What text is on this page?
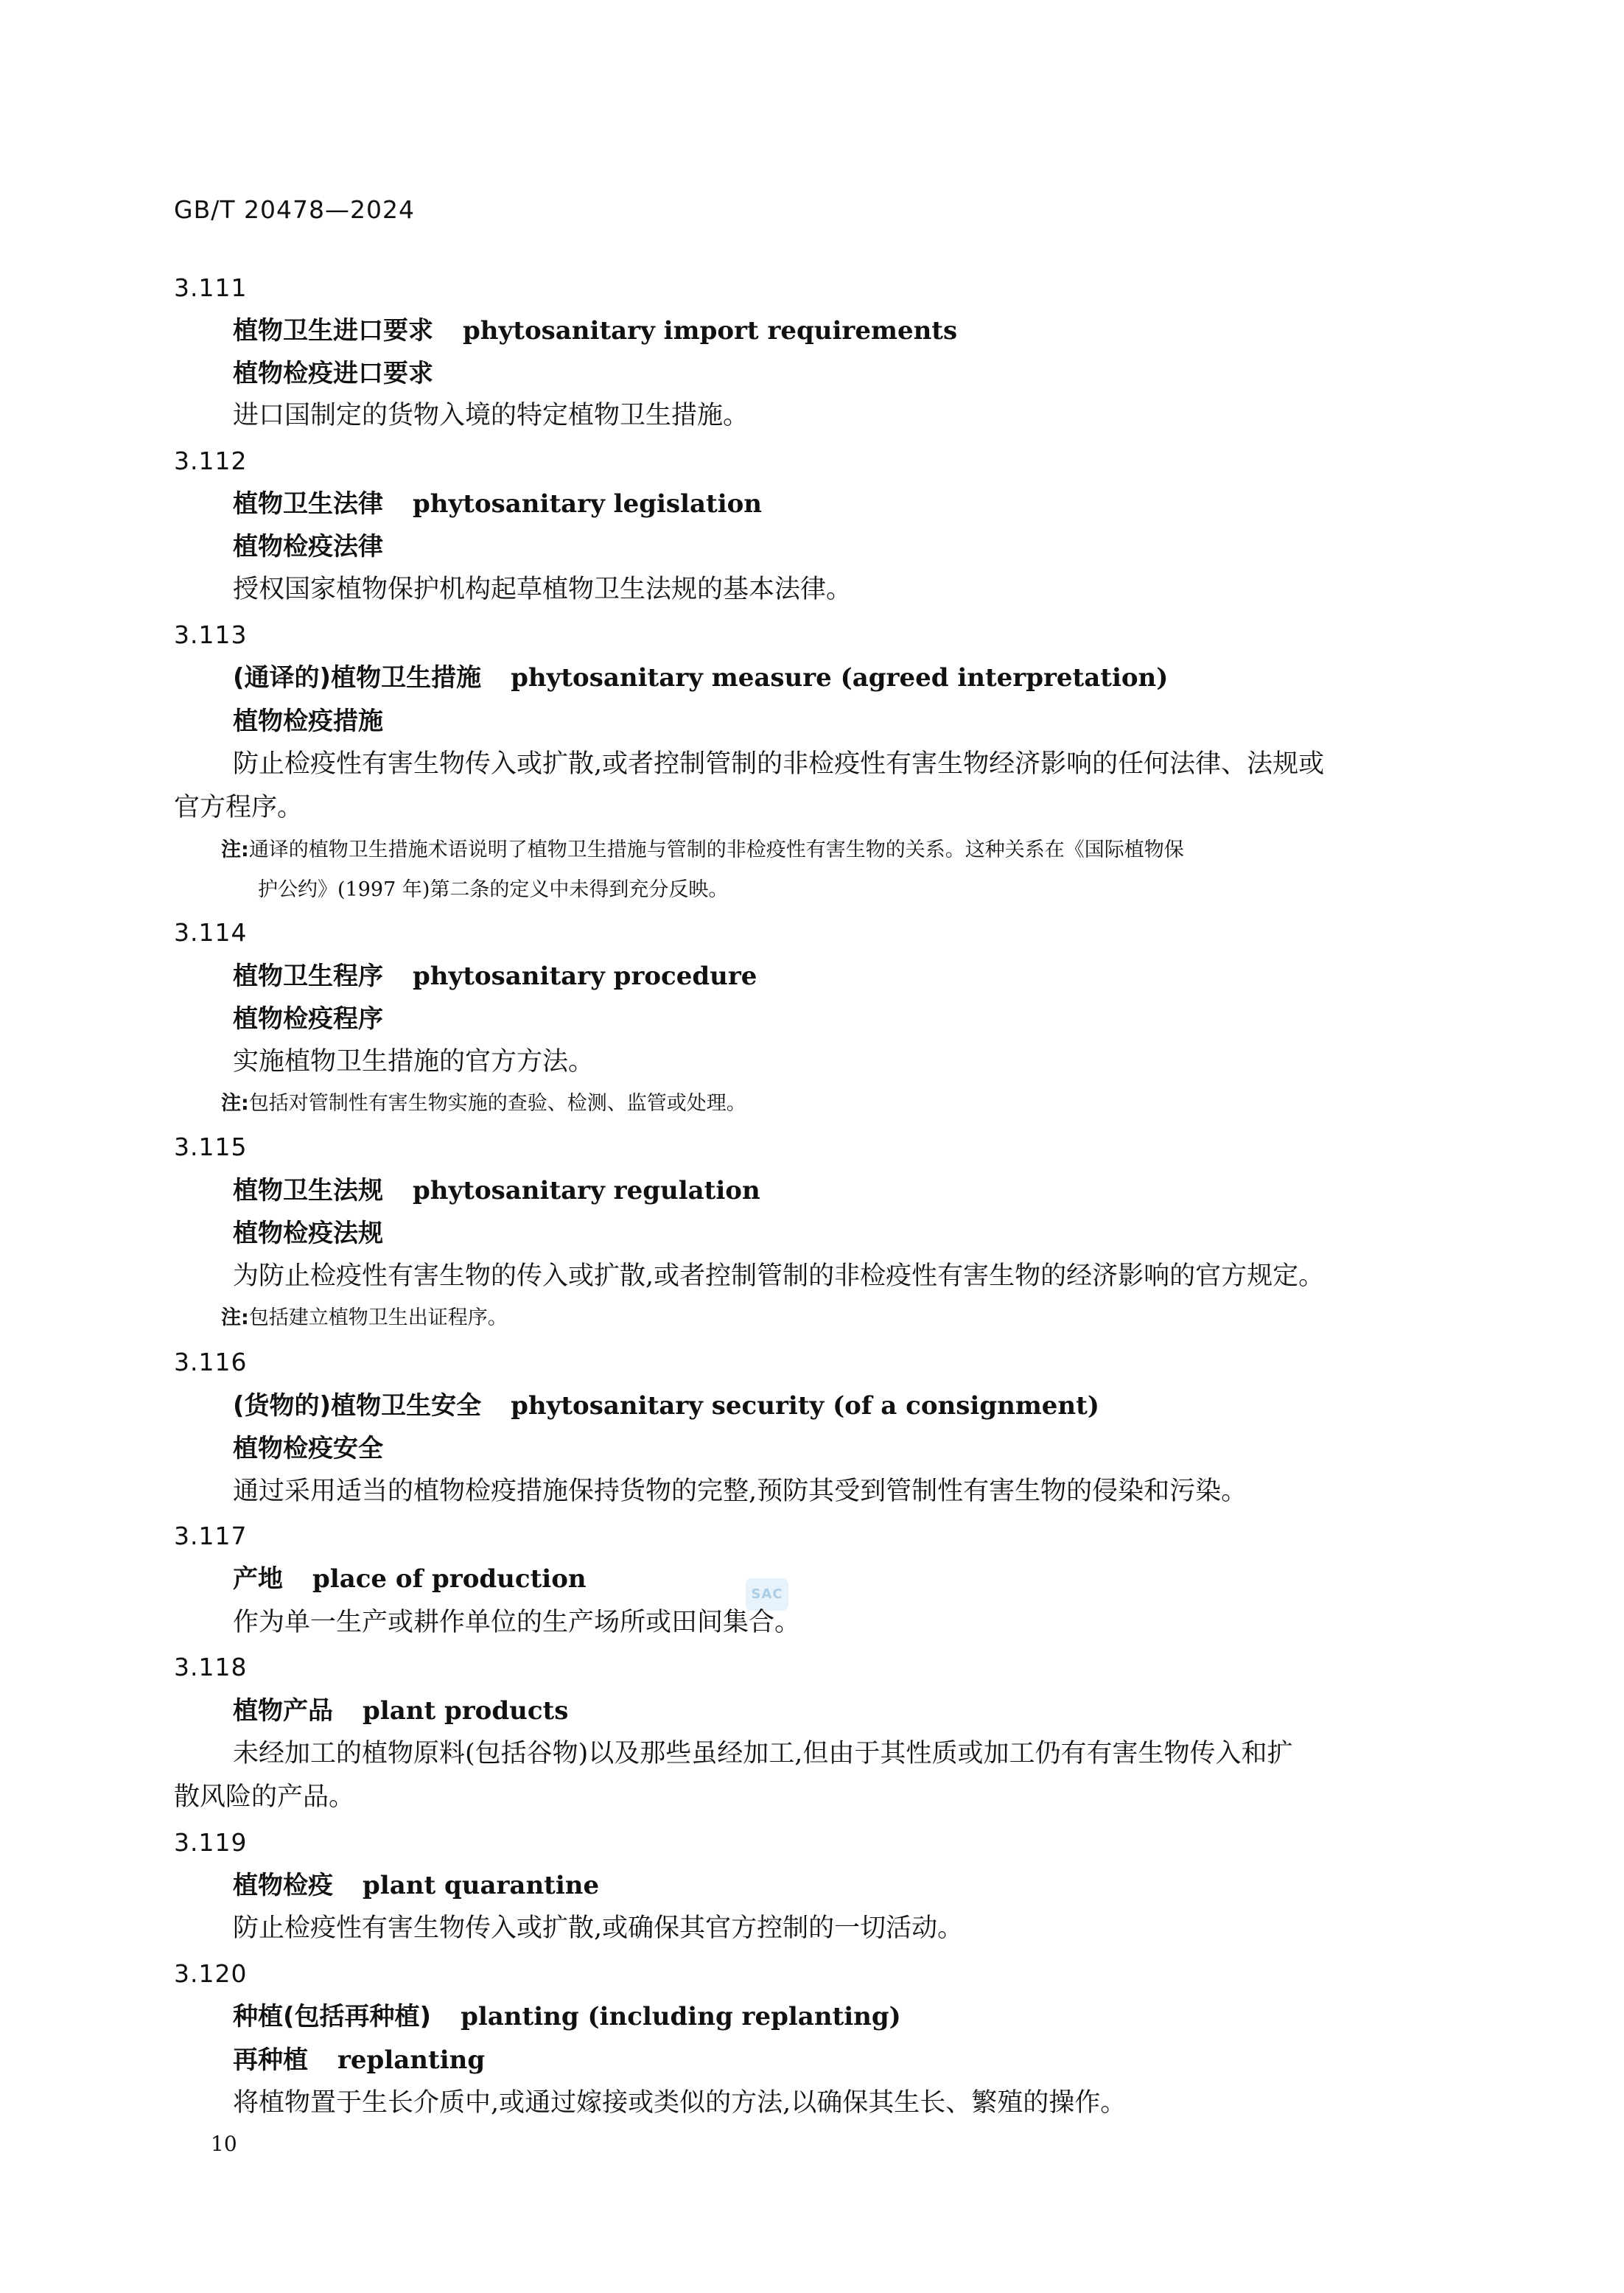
GB/T 20478—2024
3.111
植物卫生进口要求 phytosanitary import requirements
植物检疫进口要求
进口国制定的货物入境的特定植物卫生措施。
3.112
植物卫生法律 phytosanitary legislation
植物检疫法律
授权国家植物保护机构起草植物卫生法规的基本法律。
3.113
(通译的)植物卫生措施 phytosanitary measure (agreed interpretation)
植物检疫措施
防止检疫性有害生物传入或扩散,或者控制管制的非检疫性有害生物经济影响的任何法律、法规或
官方程序。
注:通译的植物卫生措施术语说明了植物卫生措施与管制的非检疫性有害生物的关系。这种关系在《国际植物保
护公约》(1997 年)第二条的定义中未得到充分反映。
3.114
植物卫生程序 phytosanitary procedure
植物检疫程序
实施植物卫生措施的官方方法。
注:包括对管制性有害生物实施的查验、检测、监管或处理。
3.115
植物卫生法规 phytosanitary regulation
植物检疫法规
为防止检疫性有害生物的传入或扩散,或者控制管制的非检疫性有害生物的经济影响的官方规定。
注:包括建立植物卫生出证程序。
3.116
(货物的)植物卫生安全 phytosanitary security (of a consignment)
植物检疫安全
通过采用适当的植物检疫措施保持货物的完整,预防其受到管制性有害生物的侵染和污染。
3.117
产地 place of production
SAC
作为单一生产或耕作单位的生产场所或田间集合。
3.118
植物产品 plant products
未经加工的植物原料(包括谷物)以及那些虽经加工,但由于其性质或加工仍有有害生物传入和扩
散风险的产品。
3.119
植物检疫 plant quarantine
防止检疫性有害生物传入或扩散,或确保其官方控制的一切活动。
3.120
种植(包括再种植) planting (including replanting)
再种植 replanting
将植物置于生长介质中,或通过嫁接或类似的方法,以确保其生长、繁殖的操作。
10
